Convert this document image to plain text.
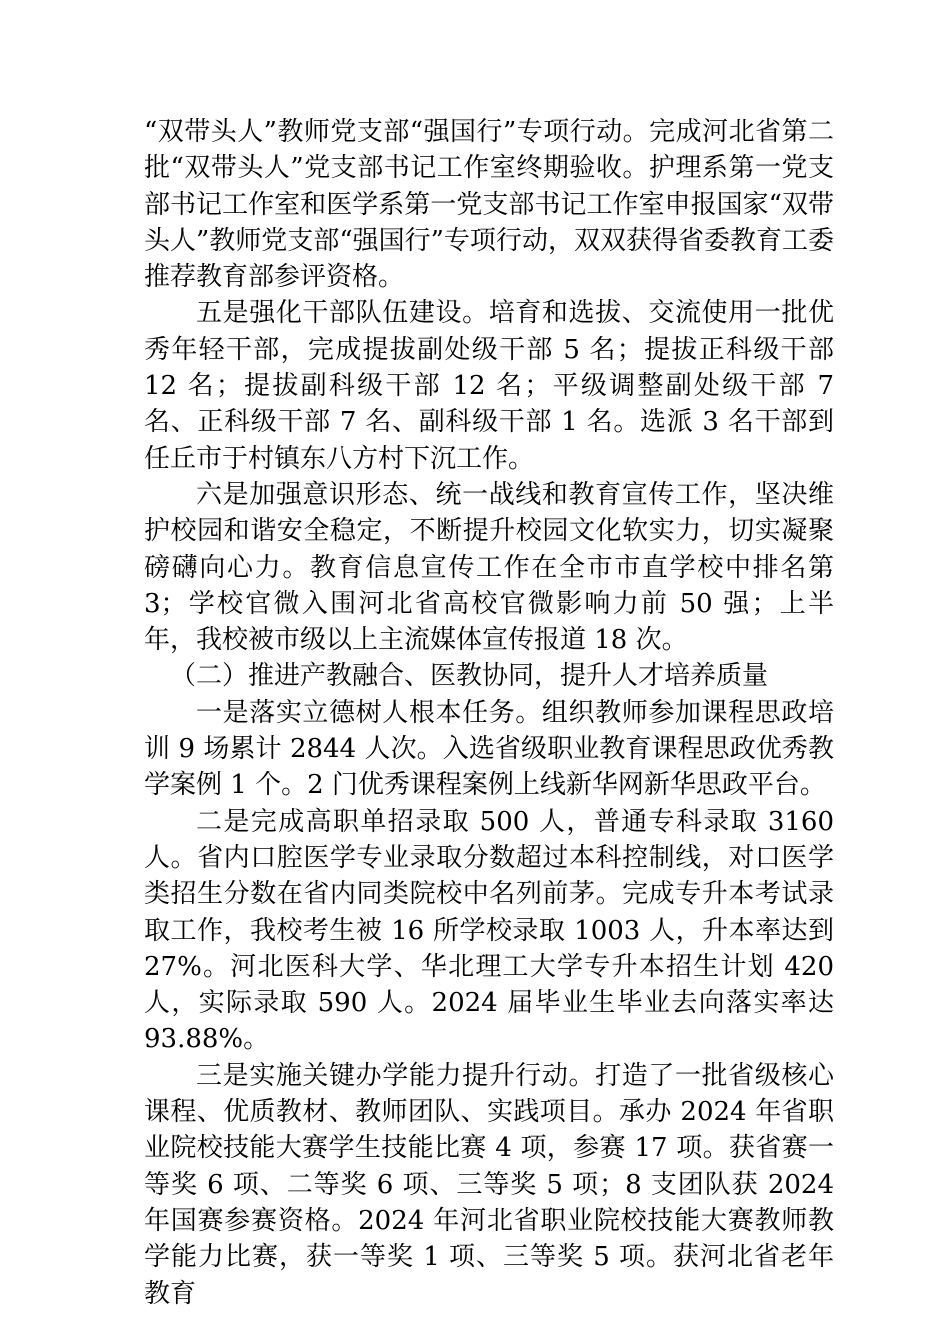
“双带头人”教师党支部“强国行”专项行动。完成河北省第二批“双带头人”党支部书记工作室终期验收。护理系第一党支部书记工作室和医学系第一党支部书记工作室申报国家“双带头人”教师党支部“强国行”专项行动，双双获得省委教育工委推荐教育部参评资格。

五是强化干部队伍建设。培育和选拔、交流使用一批优秀年轻干部，完成提拔副处级干部 5 名；提拔正科级干部 12 名；提拔副科级干部 12 名；平级调整副处级干部 7 名、正科级干部 7 名、副科级干部 1 名。选派 3 名干部到任丘市于村镇东八方村下沉工作。

六是加强意识形态、统一战线和教育宣传工作，坚决维护校园和谐安全稳定，不断提升校园文化软实力，切实凝聚磅礴向心力。教育信息宣传工作在全市市直学校中排名第 3；学校官微入围河北省高校官微影响力前 50 强；上半年，我校被市级以上主流媒体宣传报道 18 次。

（二）推进产教融合、医教协同，提升人才培养质量

一是落实立德树人根本任务。组织教师参加课程思政培训 9 场累计 2844 人次。入选省级职业教育课程思政优秀教学案例 1 个。2 门优秀课程案例上线新华网新华思政平台。

二是完成高职单招录取 500 人，普通专科录取 3160 人。省内口腔医学专业录取分数超过本科控制线，对口医学类招生分数在省内同类院校中名列前茅。完成专升本考试录取工作，我校考生被 16 所学校录取 1003 人，升本率达到 27%。河北医科大学、华北理工大学专升本招生计划 420 人，实际录取 590 人。2024 届毕业生毕业去向落实率达 93.88%。

三是实施关键办学能力提升行动。打造了一批省级核心课程、优质教材、教师团队、实践项目。承办 2024 年省职业院校技能大赛学生技能比赛 4 项，参赛 17 项。获省赛一等奖 6 项、二等奖 6 项、三等奖 5 项；8 支团队获 2024 年国赛参赛资格。2024 年河北省职业院校技能大赛教师教学能力比赛，获一等奖 1 项、三等奖 5 项。获河北省老年教育
